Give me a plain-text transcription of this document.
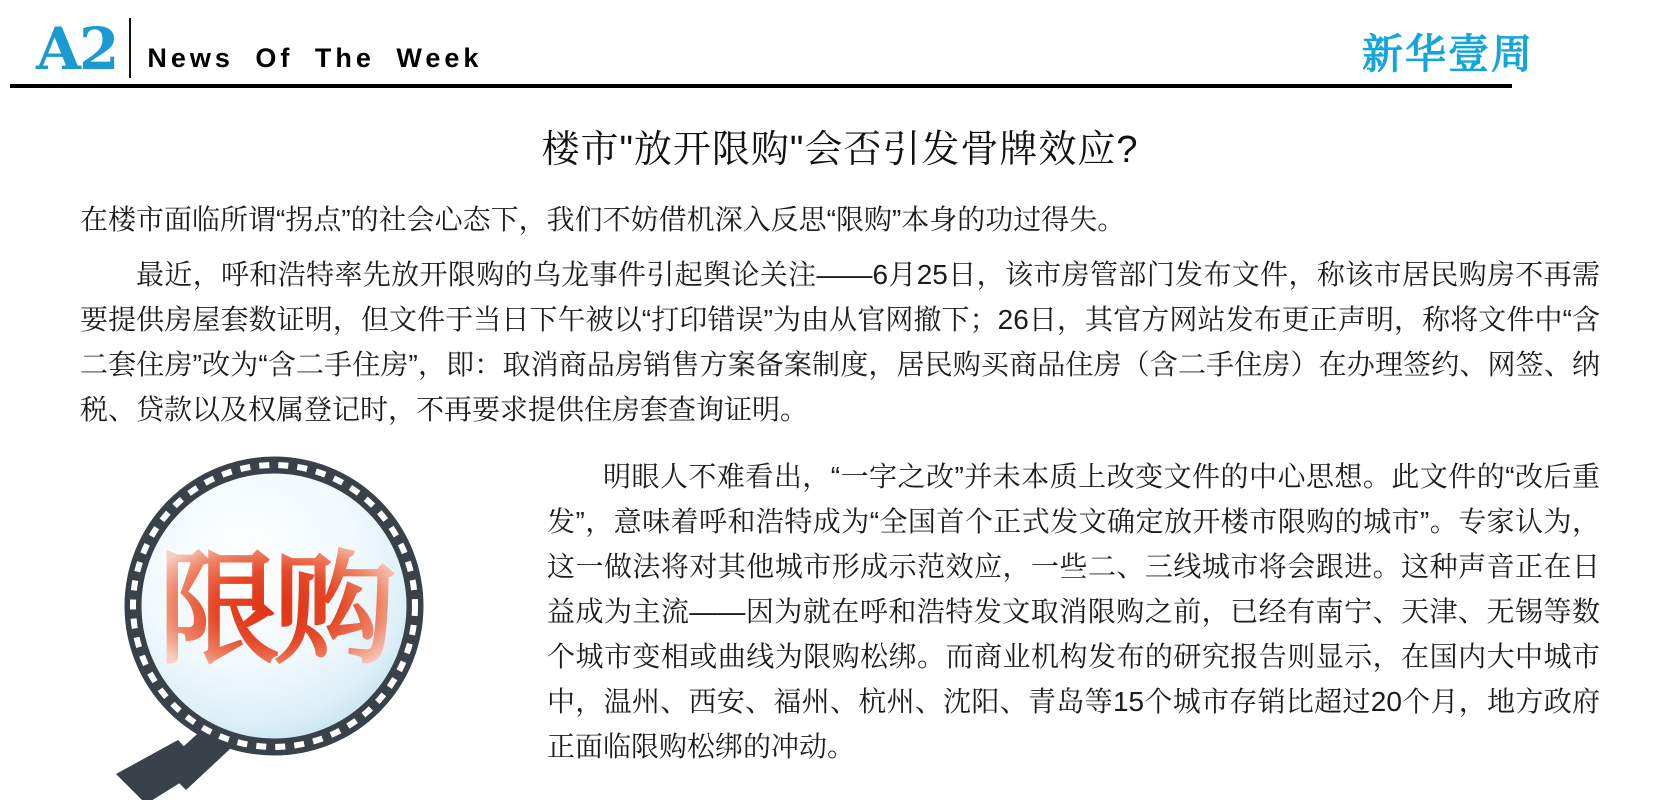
A2	News Of The Week	新华壹周
楼市"放开限购"会否引发骨牌效应?

在楼市面临所谓“拐点”的社会心态下，我们不妨借机深入反思“限购”本身的功过得失。

最近，呼和浩特率先放开限购的乌龙事件引起舆论关注——6月25日，该市房管部门发布文件，称该市居民购房不再需要提供房屋套数证明，但文件于当日下午被以“打印错误”为由从官网撤下；26日，其官方网站发布更正声明，称将文件中“含二套住房”改为“含二手住房”，即：取消商品房销售方案备案制度，居民购买商品住房（含二手住房）在办理签约、网签、纳税、贷款以及权属登记时，不再要求提供住房套查询证明。

限购

明眼人不难看出，“一字之改”并未本质上改变文件的中心思想。此文件的“改后重发”，意味着呼和浩特成为“全国首个正式发文确定放开楼市限购的城市”。专家认为，这一做法将对其他城市形成示范效应，一些二、三线城市将会跟进。这种声音正在日益成为主流——因为就在呼和浩特发文取消限购之前，已经有南宁、天津、无锡等数个城市变相或曲线为限购松绑。而商业机构发布的研究报告则显示，在国内大中城市中，温州、西安、福州、杭州、沈阳、青岛等15个城市存销比超过20个月，地方政府正面临限购松绑的冲动。
